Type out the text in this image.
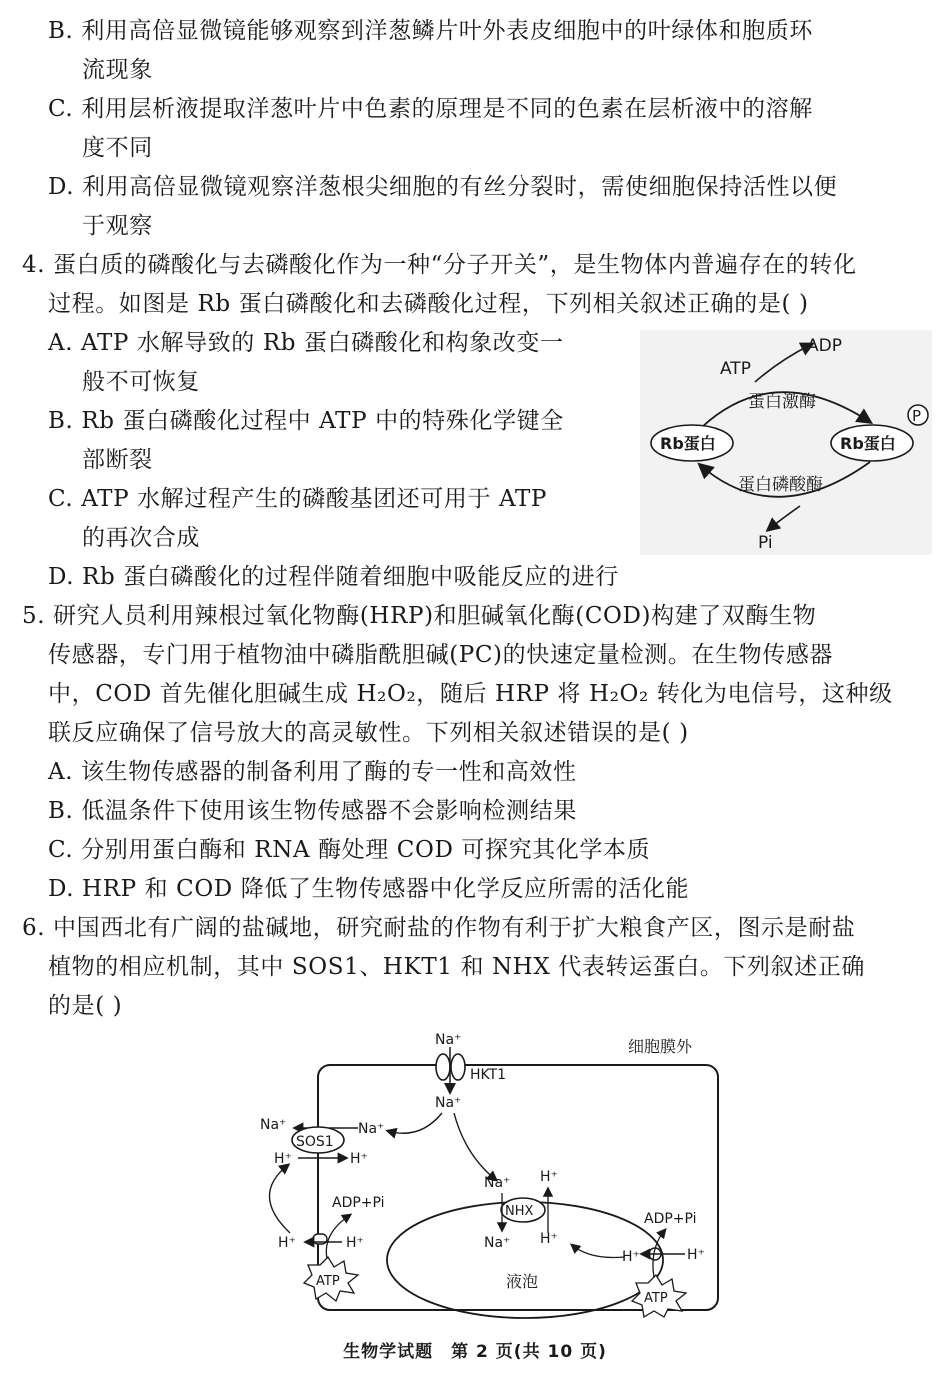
B. 利用高倍显微镜能够观察到洋葱鳞片叶外表皮细胞中的叶绿体和胞质环
流现象
C. 利用层析液提取洋葱叶片中色素的原理是不同的色素在层析液中的溶解
度不同
D. 利用高倍显微镜观察洋葱根尖细胞的有丝分裂时，需使细胞保持活性以便
于观察
4. 蛋白质的磷酸化与去磷酸化作为一种“分子开关”，是生物体内普遍存在的转化
过程。如图是 Rb 蛋白磷酸化和去磷酸化过程，下列相关叙述正确的是( )
A. ATP 水解导致的 Rb 蛋白磷酸化和构象改变一
般不可恢复
B. Rb 蛋白磷酸化过程中 ATP 中的特殊化学键全
部断裂
C. ATP 水解过程产生的磷酸基团还可用于 ATP
的再次合成
D. Rb 蛋白磷酸化的过程伴随着细胞中吸能反应的进行
ADP
ATP
蛋白激酶
Rb蛋白	Rb蛋白
P
蛋白磷酸酶
Pi
5. 研究人员利用辣根过氧化物酶(HRP)和胆碱氧化酶(COD)构建了双酶生物
传感器，专门用于植物油中磷脂酰胆碱(PC)的快速定量检测。在生物传感器
中，COD 首先催化胆碱生成 H₂O₂，随后 HRP 将 H₂O₂ 转化为电信号，这种级
联反应确保了信号放大的高灵敏性。下列相关叙述错误的是( )
A. 该生物传感器的制备利用了酶的专一性和高效性
B. 低温条件下使用该生物传感器不会影响检测结果
C. 分别用蛋白酶和 RNA 酶处理 COD 可探究其化学本质
D. HRP 和 COD 降低了生物传感器中化学反应所需的活化能
6. 中国西北有广阔的盐碱地，研究耐盐的作物有利于扩大粮食产区，图示是耐盐
植物的相应机制，其中 SOS1、HKT1 和 NHX 代表转运蛋白。下列叙述正确
的是( )
细胞膜外
Na⁺
HKT1
Na⁺
Na⁺	Na⁺
SOS1
H⁺	H⁺
H⁺	H⁺
ADP+Pi
ATP	液泡
Na⁺
NHX
Na⁺
H⁺
H⁺
H⁺	H⁺
ADP+Pi
ATP
生物学试题　第 2 页(共 10 页)
